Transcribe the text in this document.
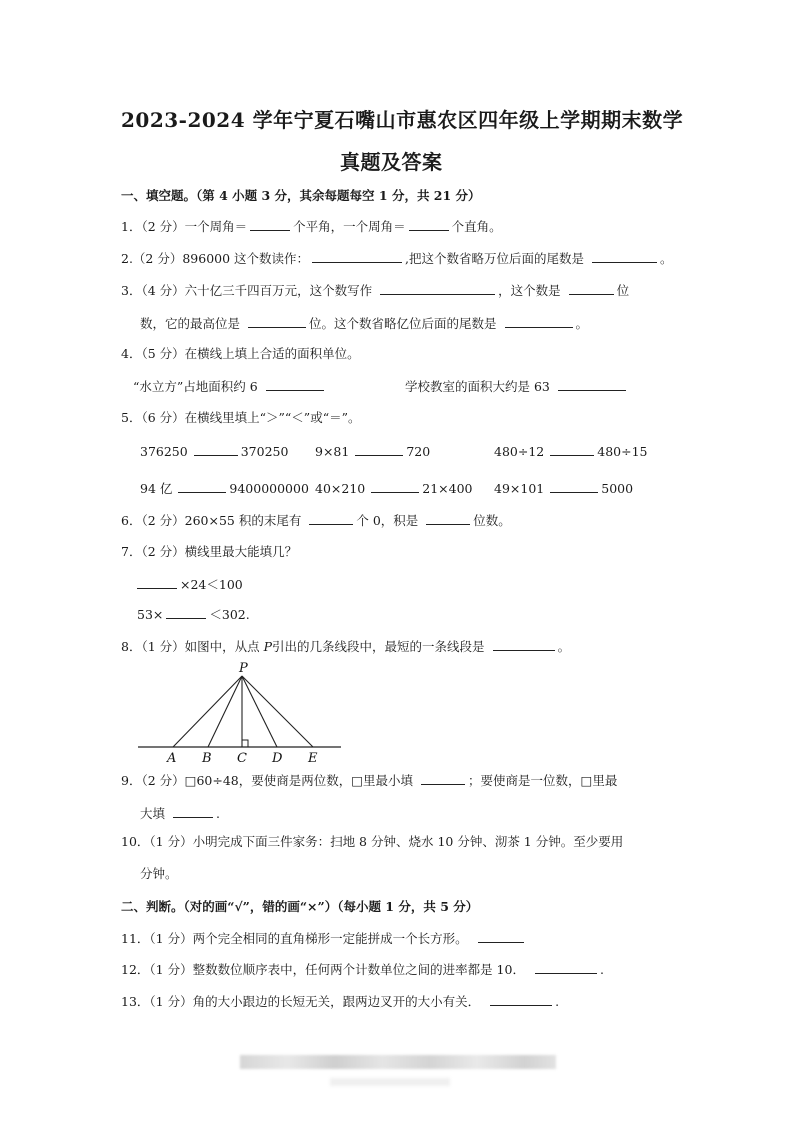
2023-2024 学年宁夏石嘴山市惠农区四年级上学期期末数学
真题及答案
一、填空题。（第 4 小题 3 分，其余每题每空 1 分，共 21 分）
1．（2 分）一个周角＝	个平角，一个周角＝	个直角。
2.（2 分）896000 这个数读作：	,把这个数省略万位后面的尾数是	。
3．（4 分）六十亿三千四百万元，这个数写作	，这个数是	位
数，它的最高位是	位。这个数省略亿位后面的尾数是	。
4．（5 分）在横线上填上合适的面积单位。
“水立方”占地面积约 6	学校教室的面积大约是 63
5．（6 分）在横线里填上“＞”“＜”或“＝”。
376250	370250 9×81	720	480÷12	480÷15
94 亿	9400000000 40×210	21×400 49×101	5000
6．（2 分）260×55 积的末尾有	个 0，积是	位数。
7．（2 分）横线里最大能填几？
×24＜100
53×	＜302.
8．（1 分）如图中，从点 P引出的几条线段中，最短的一条线段是	。
P
A B C D E
9．（2 分）□60÷48，要使商是两位数，□里最小填	；要使商是一位数，□里最
大填	.
10．（1 分）小明完成下面三件家务：扫地 8 分钟、烧水 10 分钟、沏茶 1 分钟。至少要用
分钟。
二、判断。（对的画“√”，错的画“×”）（每小题 1 分，共 5 分）
11．（1 分）两个完全相同的直角梯形一定能拼成一个长方形。
12．（1 分）整数数位顺序表中，任何两个计数单位之间的进率都是 10．	.
13．（1 分）角的大小跟边的长短无关，跟两边叉开的大小有关．	.
